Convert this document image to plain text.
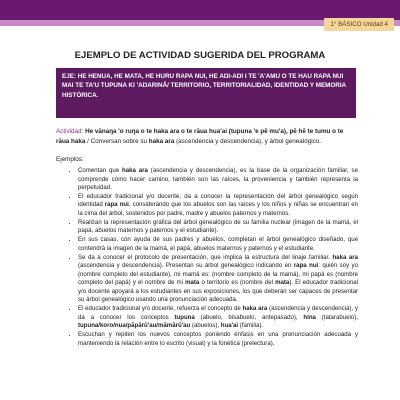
1° BÁSICO Unidad 4
EJEMPLO DE ACTIVIDAD SUGERIDA DEL PROGRAMA
EJE: HE HENUA, HE MATA, HE HURU RAPA NUI, HE AŊI-AŊI I TE 'A'AMU O TE HAU RAPA NUI MAI TE TA'U TUPUNA KI 'AŊARINĀ/ TERRITORIO, TERRITORIALIDAD, IDENTIDAD Y MEMORIA HISTÓRICA.
Actividad: He vānaŋa 'o ruŋa o te haka ara o te rāua hua'ai (tupuna 'e pē mu'a), pē hē te tumu o te rāua haka / Conversan sobre su haka ara (ascendencia y descendencia), y árbol genealógico.
Ejemplos:
• Comentan que haka ara (ascendencia y descendencia), es la base de la organización familiar, se comprende cómo hacer camino, también son las raíces, la proveniencia y también representa la perpetuidad.
• El educador tradicional y/o docente, da a conocer la representación del árbol genealógico según identidad rapa nui, considerando que los abuelos son las raíces y los niños y niñas se encuentran en la cima del árbol, sostenidos por padre, madre y abuelos paternos y maternos.
• Realizan la representación gráfica del árbol genealógico de su familia nuclear (imagen de la mamá, el papá, abuelos maternos y paternos y el estudiante).
• En sus casas, con ayuda de sus padres y abuelos, completan el árbol genealógico diseñado, que contendrá la imagen de la mamá, el papá, abuelos maternos y paternos y el estudiante.
• Se da a conocer el protocolo de presentación, que implica la estructura del linaje familiar. haka ara (ascendencia y descendencia). Presentan su árbol genealógico indicando en rapa nui: quién soy yo (nombre completo del estudiante), mi mamá es: (nombre completo de la mamá), mi papá es (nombre completo del papá) y el nombre de mi mata o territorio es (nombre del mata). El educador tradicional y/o docente apoyará a los estudiantes en sus exposiciones, los que deberán ser capaces de presentar su árbol genealógico usando una pronunciación adecuada.
• El educador tradicional y/o docente, refuerza el concepto de haka ara (ascendencia y descendencia), y da a conocer los conceptos tupuna (abuelo, bisabuelo, antepasado), hina (tatarabuelo), tupuna/koro/nua/pāpārū'au/māmārū'au (abuelos), hua'ai (familia).
• Escuchan y repiten los nuevos conceptos poniendo énfasis en una pronunciación adecuada y manteniendo la relación entre lo escrito (visual) y la fonética (prelectura).
